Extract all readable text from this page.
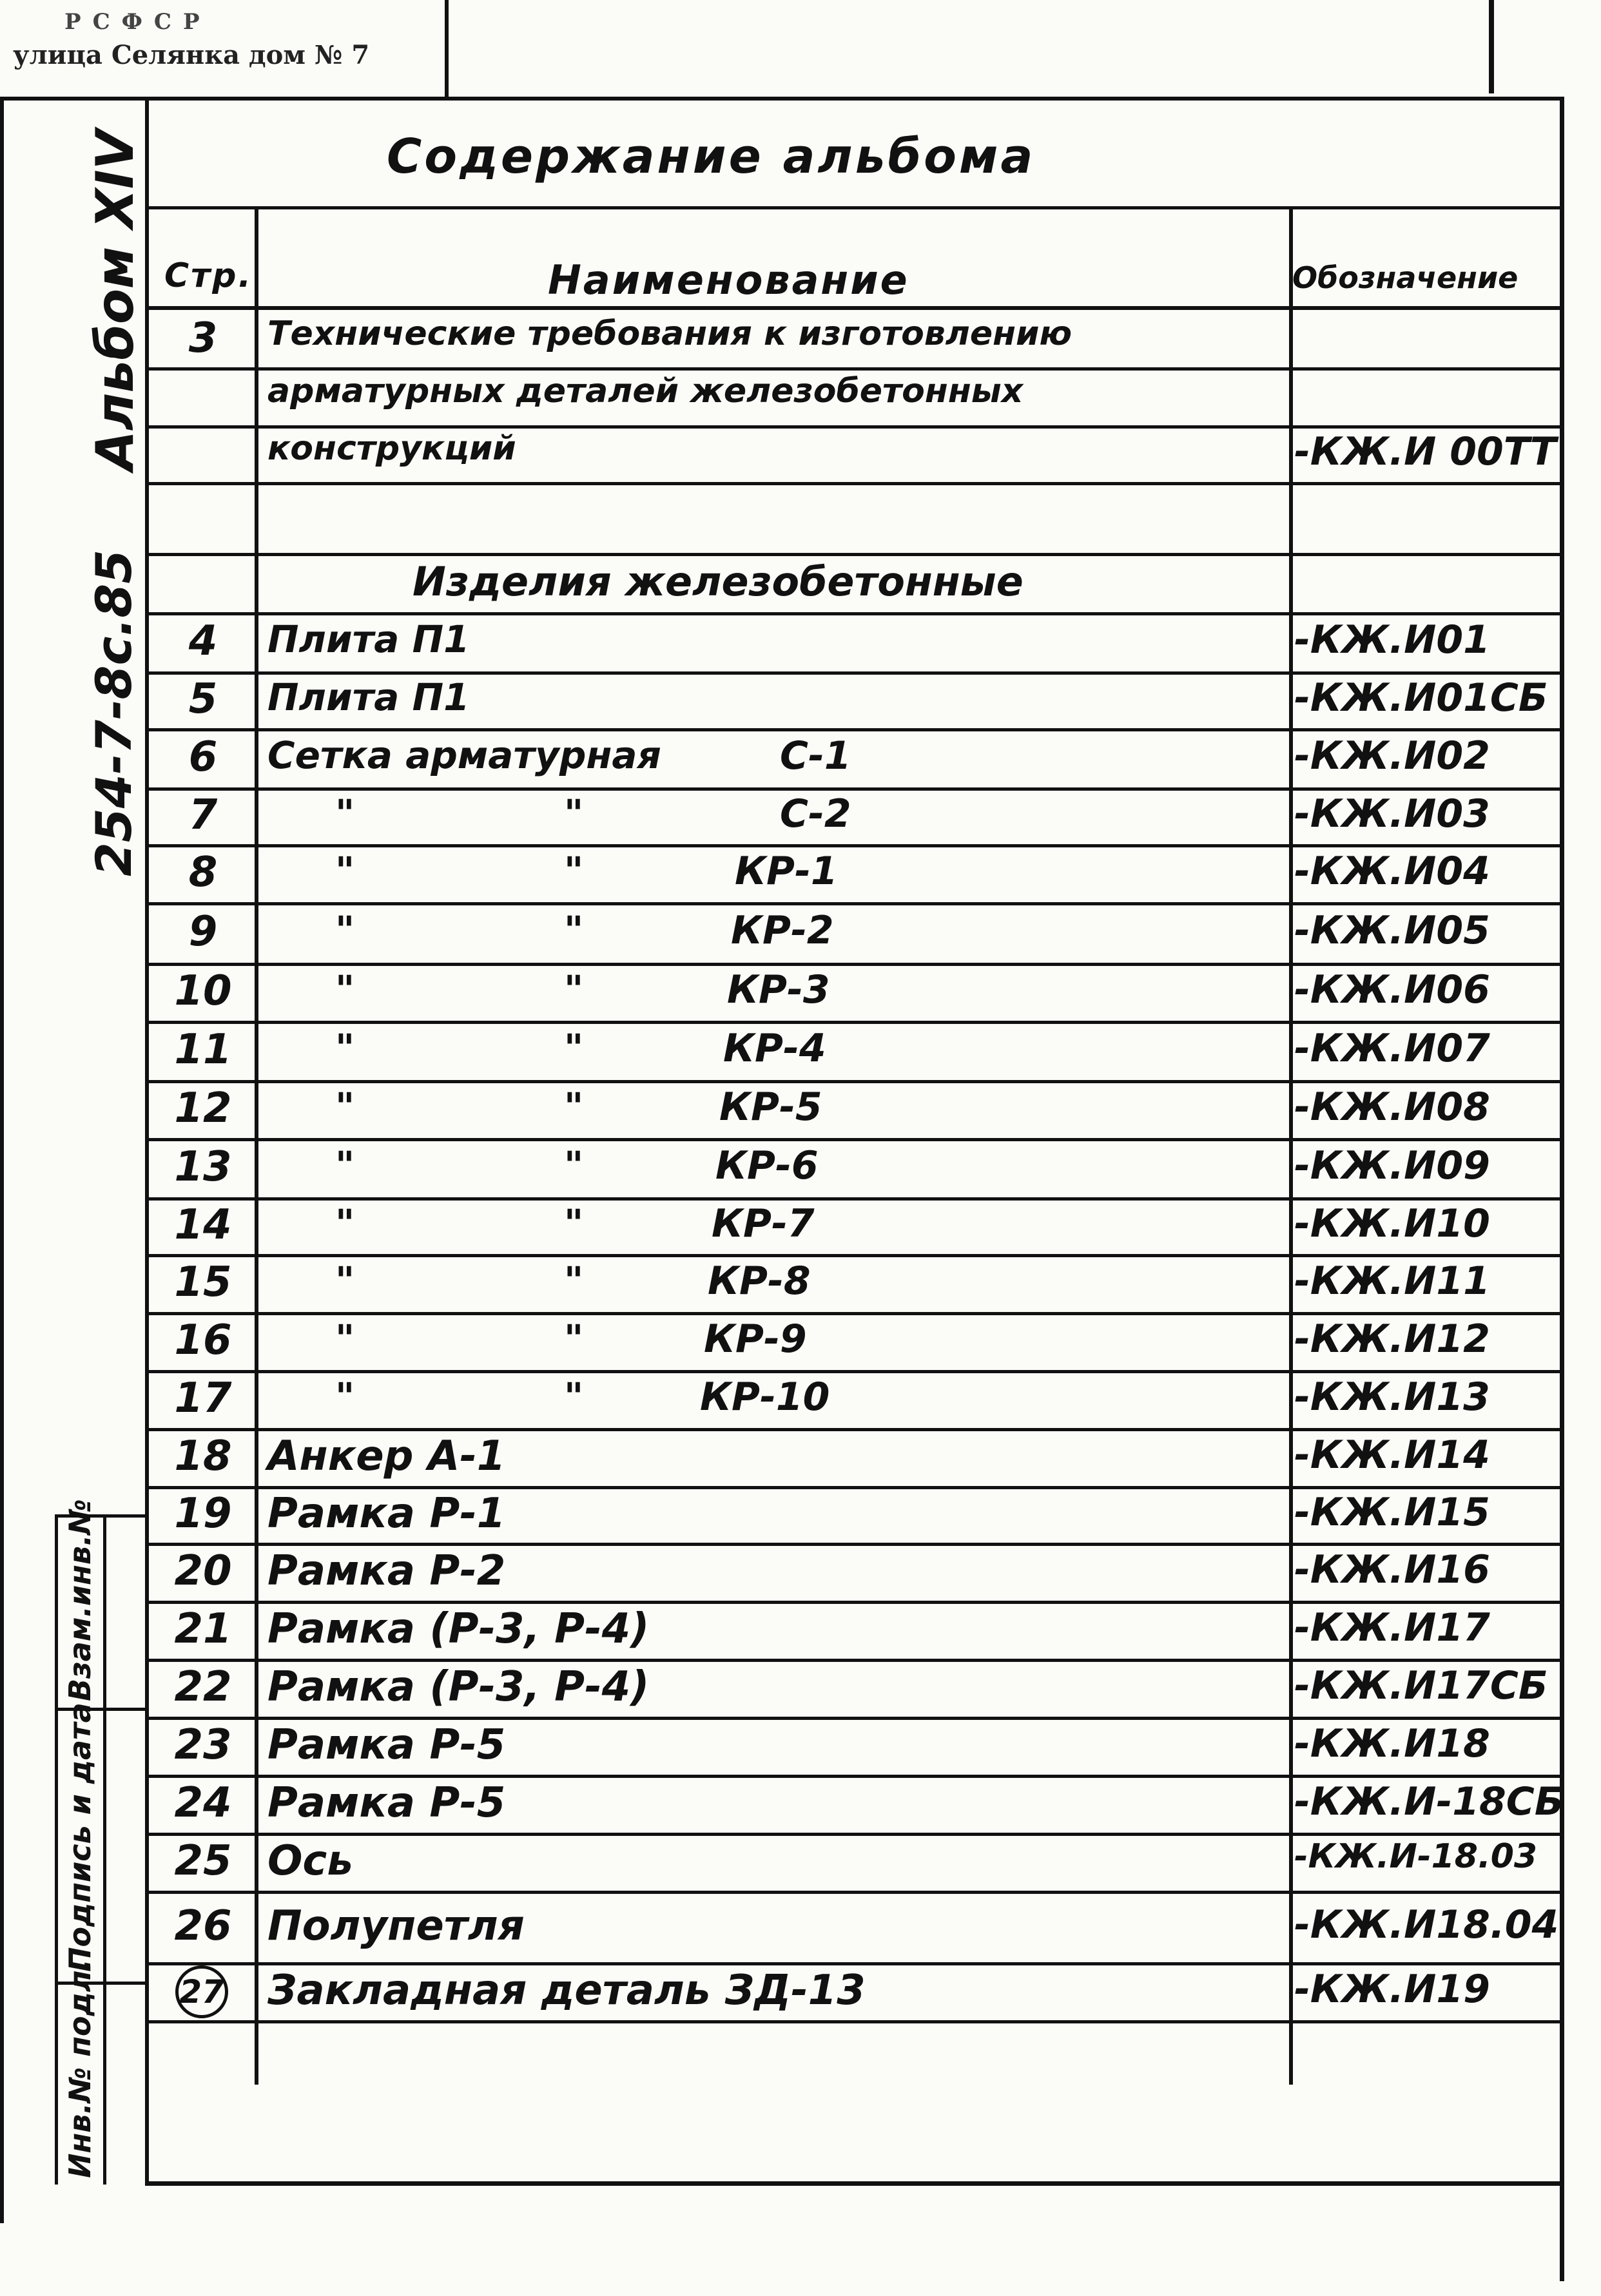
РСФСР
улица Селянка дом № 7
Альбом XIV
254-7-8с.85
Инв.№ подл.
Подпись и дата
Взам.инв.№
Содержание альбома
Стр.	Наименование	Обозначение
3	Технические требования к изготовлению
арматурных деталей железобетонных
конструкций	-КЖ.И 00ТТ
Изделия железобетонные
4	Плита П1	-КЖ.И01
5	Плита П1	-КЖ.И01СБ
6	Сетка арматурная	С-1	-КЖ.И02
7	"	"	С-2	-КЖ.И03
8	"	"	КР-1	-КЖ.И04
9	"	"	КР-2	-КЖ.И05
10	"	"	КР-3	-КЖ.И06
11	"	"	КР-4	-КЖ.И07
12	"	"	КР-5	-КЖ.И08
13	"	"	КР-6	-КЖ.И09
14	"	"	КР-7	-КЖ.И10
15	"	"	КР-8	-КЖ.И11
16	"	"	КР-9	-КЖ.И12
17	"	"	КР-10	-КЖ.И13
18 Анкер А-1	-КЖ.И14
19 Рамка Р-1	-КЖ.И15
20 Рамка Р-2	-КЖ.И16
21 Рамка (Р-3, Р-4)	-КЖ.И17
22 Рамка (Р-3, Р-4)	-КЖ.И17СБ
23 Рамка Р-5	-КЖ.И18
24 Рамка Р-5	-КЖ.И-18СБ
25 Ось	-КЖ.И-18.03
26 Полупетля	-КЖ.И18.04
27 Закладная деталь ЗД-13	-КЖ.И19
